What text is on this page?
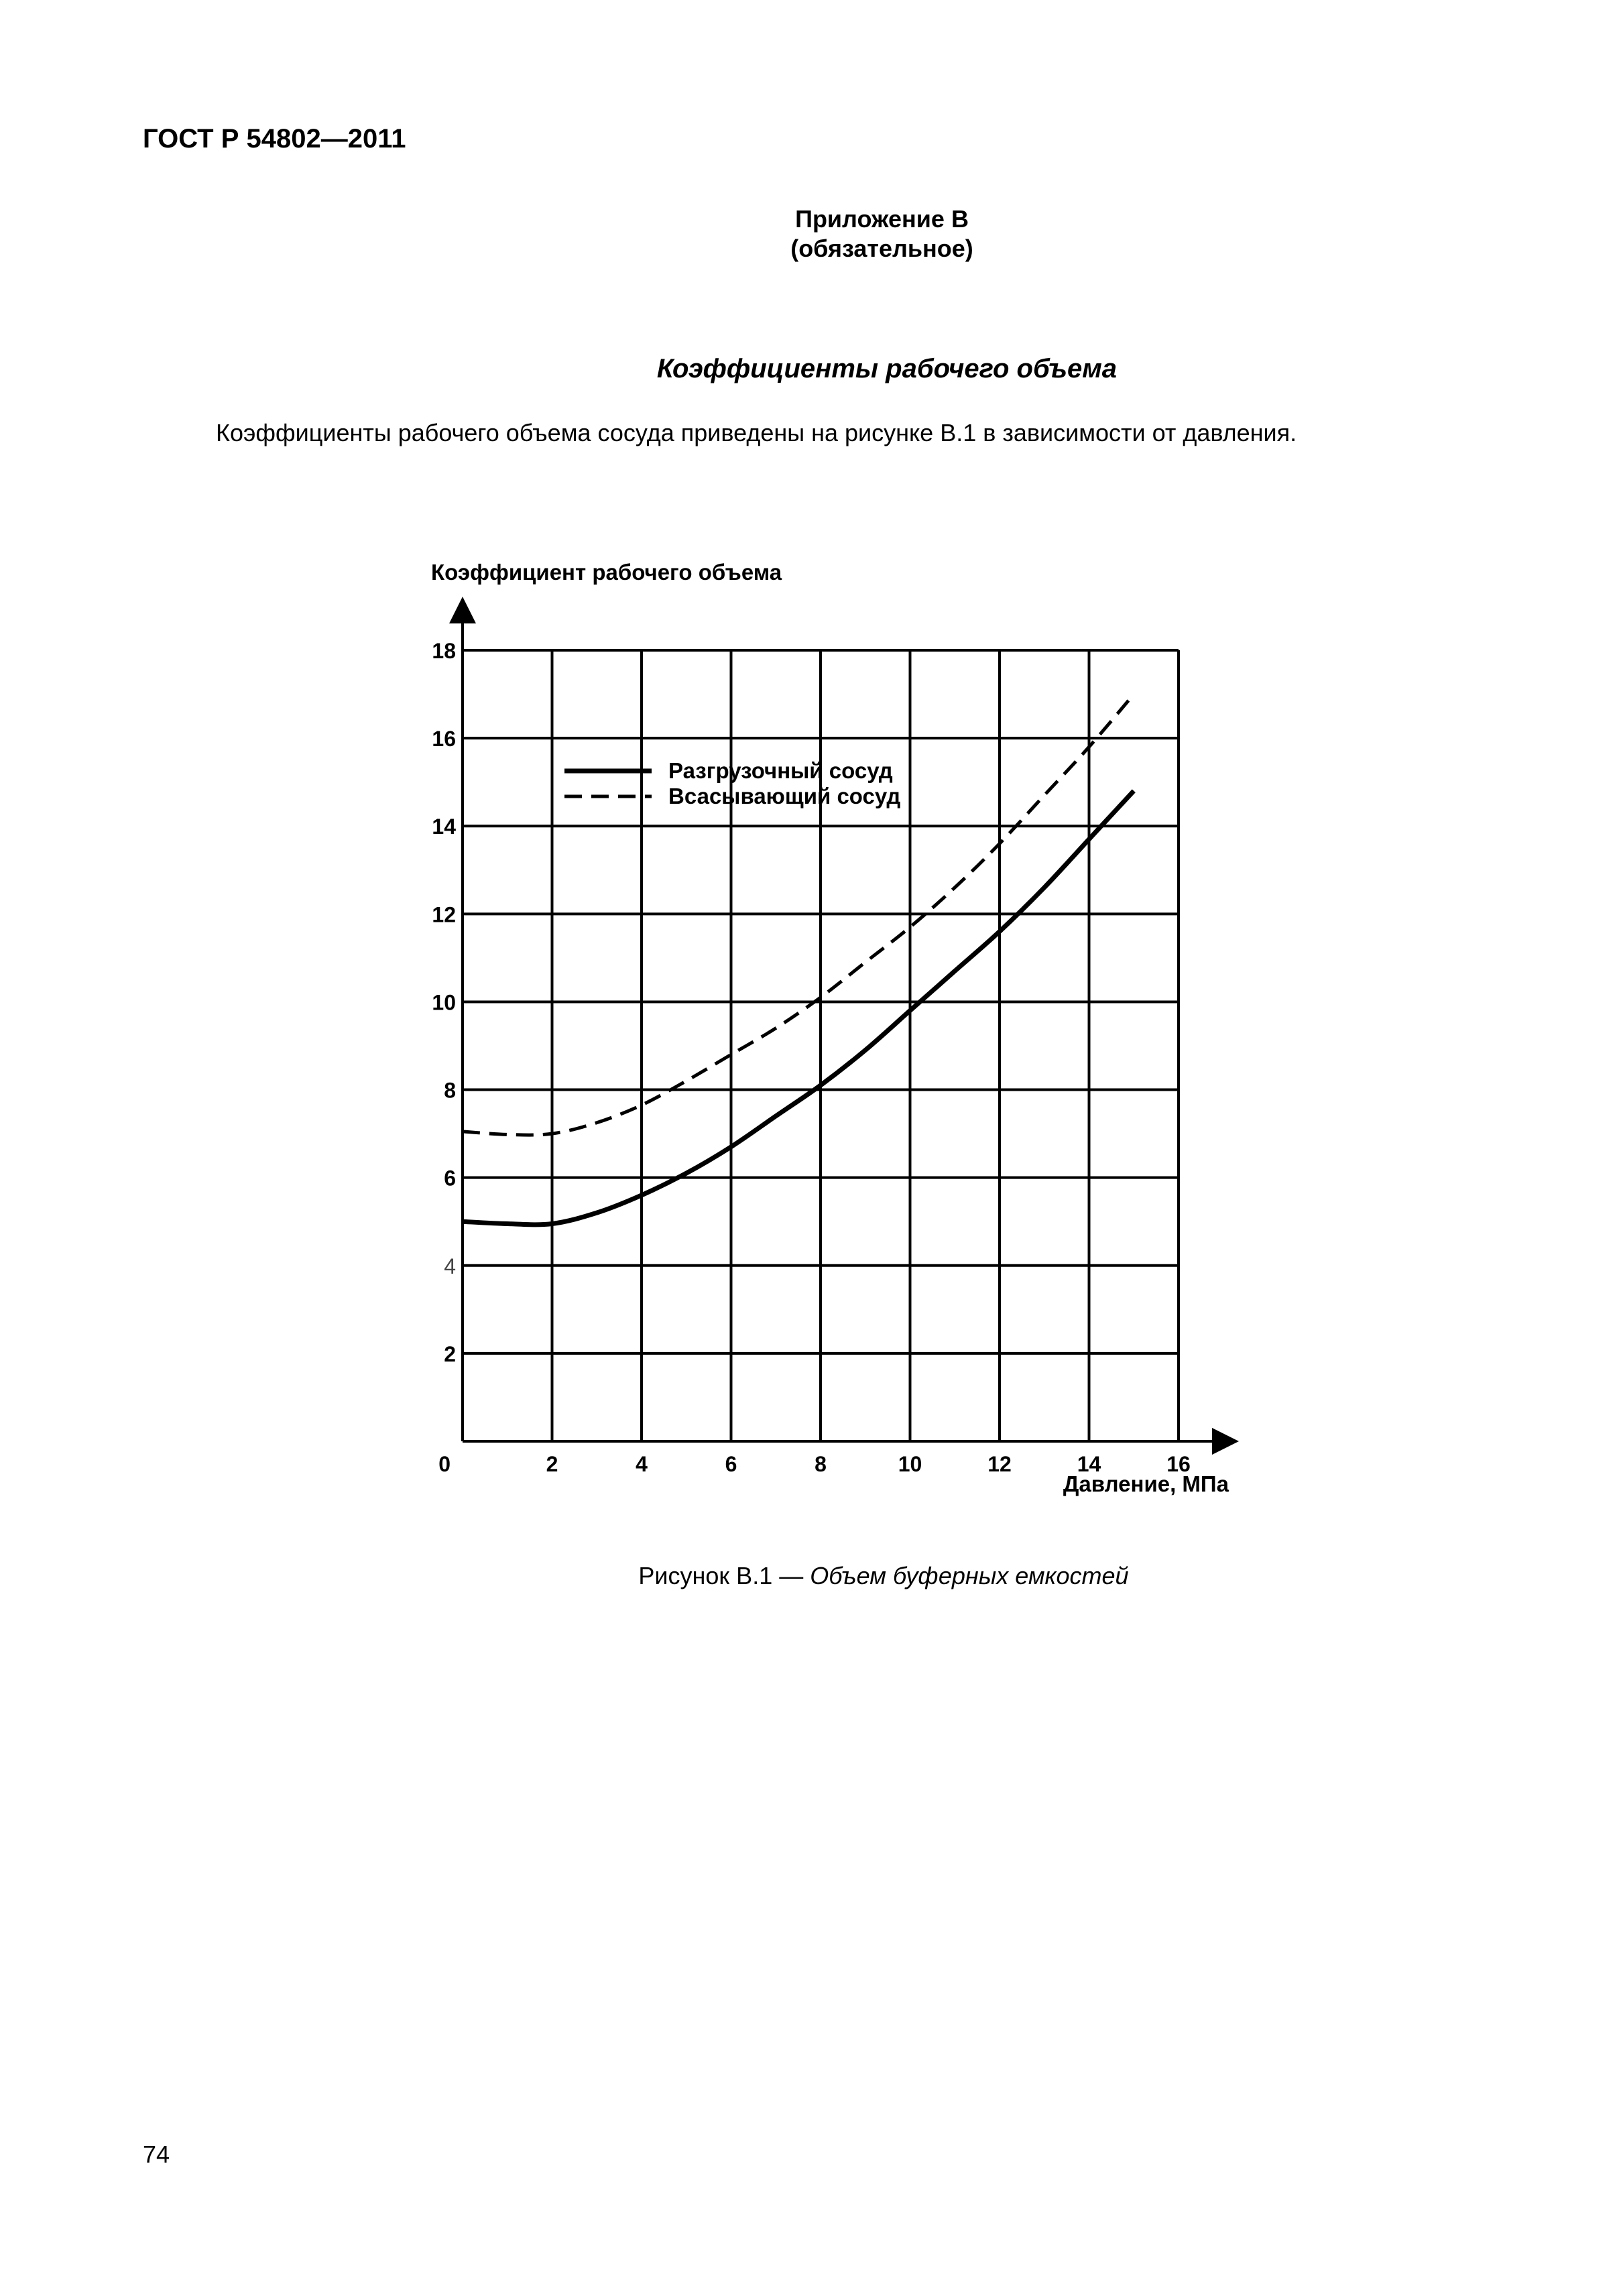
ГОСТ Р 54802—2011
Приложение В
(обязательное)
Коэффициенты рабочего объема
Коэффициенты рабочего объема сосуда приведены на рисунке В.1 в зависимости от давления.
0	2	4	6	8	10	12	14	16
2
4
6
8
10
12
14
16
18
Разгрузочный сосуд
Всасывающий сосуд
Коэффициент рабочего объема
Давление, МПа
Рисунок В.1 — Объем буферных емкостей
74
